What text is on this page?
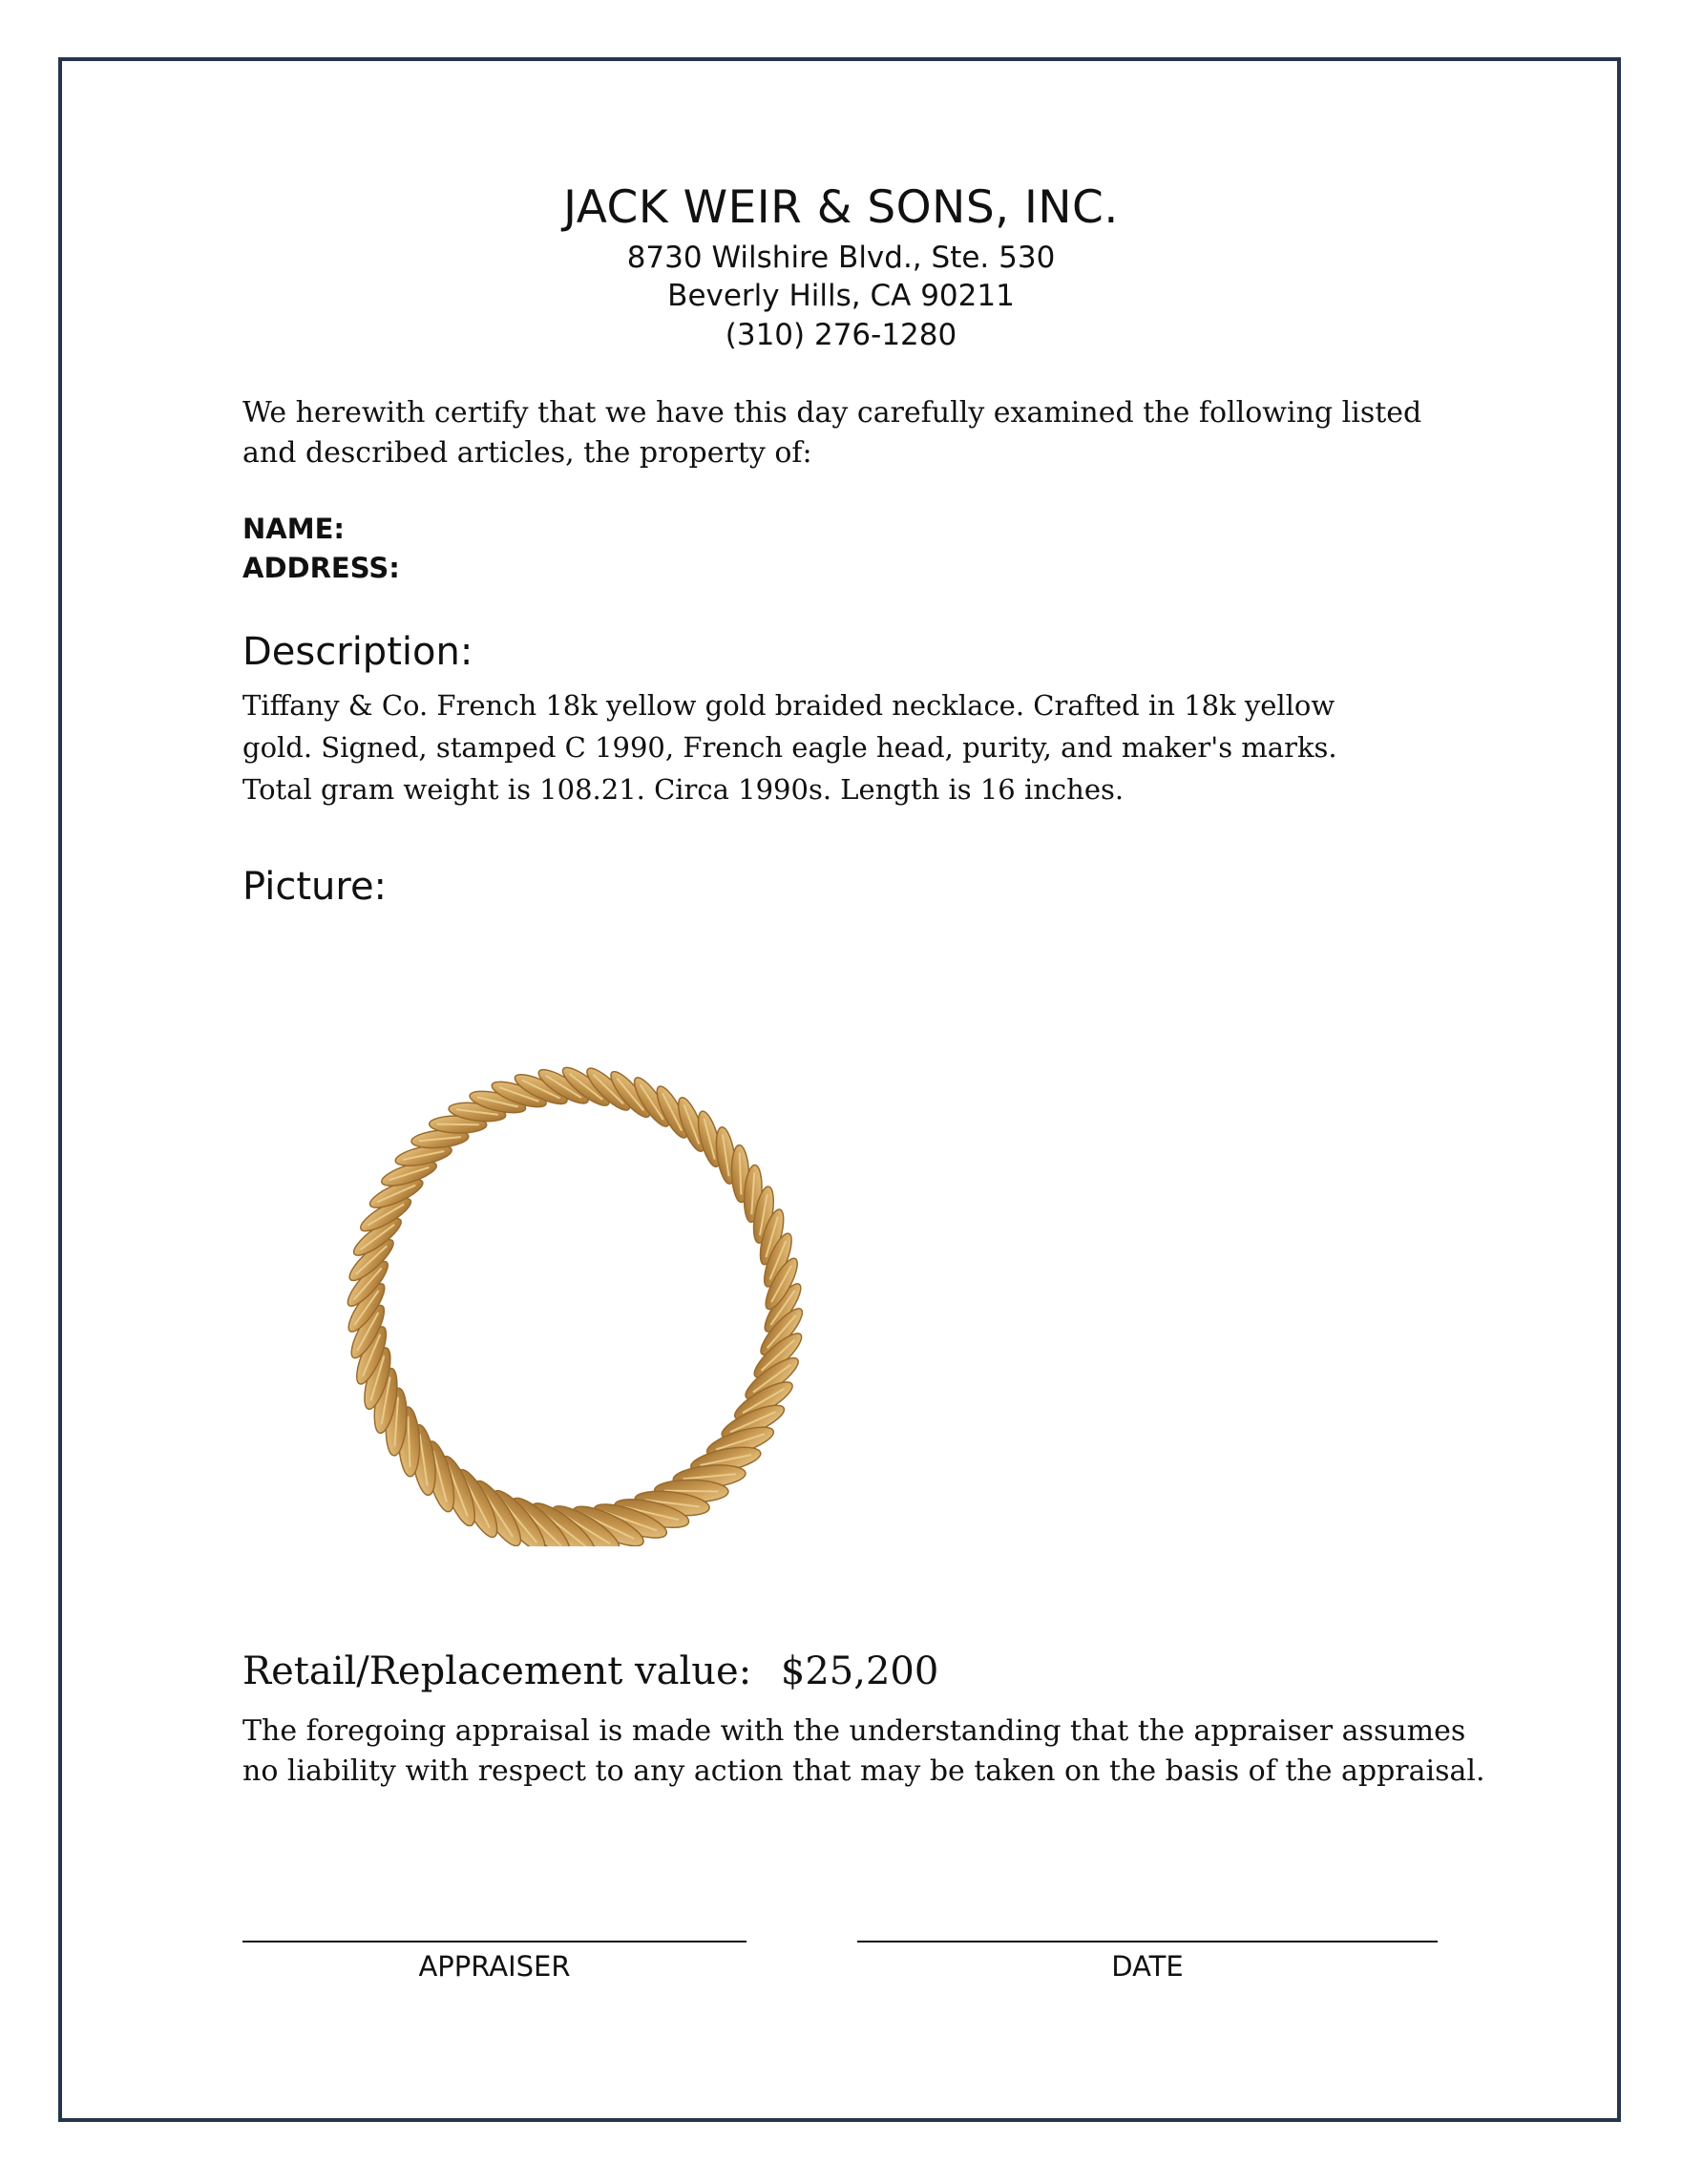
JACK WEIR & SONS, INC.
8730 Wilshire Blvd., Ste. 530
Beverly Hills, CA 90211
(310) 276-1280
We herewith certify that we have this day carefully examined the following listed and described articles, the property of:
NAME:
ADDRESS:
Description:
Tiffany & Co. French 18k yellow gold braided necklace. Crafted in 18k yellow gold. Signed, stamped C 1990, French eagle head, purity, and maker's marks. Total gram weight is 108.21. Circa 1990s. Length is 16 inches.
Picture:
Retail/Replacement value: $25,200
The foregoing appraisal is made with the understanding that the appraiser assumes no liability with respect to any action that may be taken on the basis of the appraisal.
APPRAISER	DATE
